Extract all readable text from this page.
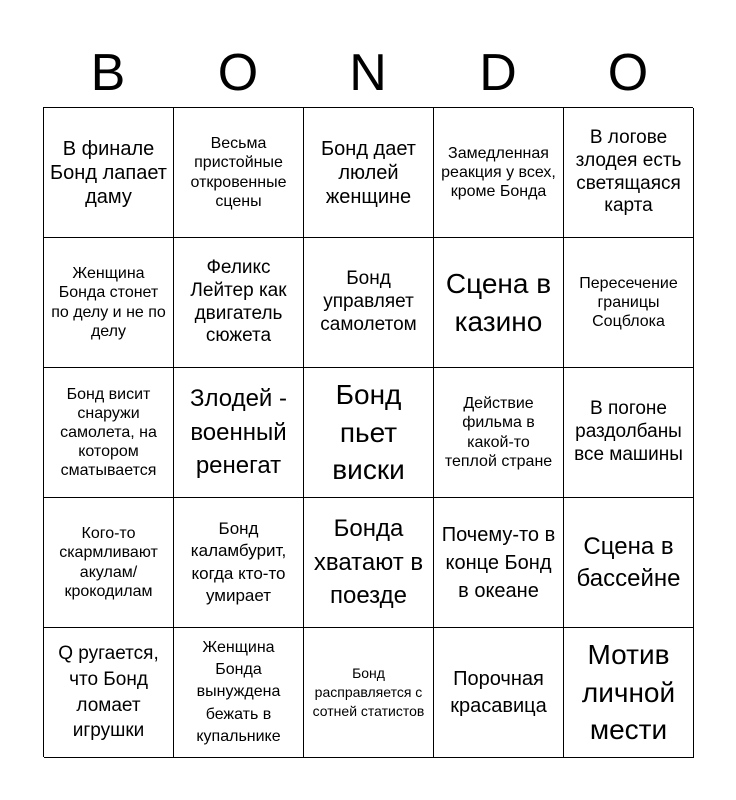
B	O	N	D	O
В финале Бонд лапает даму
Весьма пристойные откровенные сцены
Бонд дает люлей женщине
Замедленная реакция у всех, кроме Бонда
В логове злодея есть светящаяся карта
Женщина Бонда стонет по делу и не по делу
Феликс Лейтер как двигатель сюжета
Бонд управляет самолетом
Сцена в казино
Пересечение границы Соцблока
Бонд висит снаружи самолета, на котором сматывается
Злодей - военный ренегат
Бонд пьет виски
Действие фильма в какой-то теплой стране
В погоне раздолбаны все машины
Кого-то скармливают акулам/ крокодилам
Бонд каламбурит, когда кто-то умирает
Бонда хватают в поезде
Почему-то в конце Бонд в океане
Сцена в бассейне
Q ругается, что Бонд ломает игрушки
Женщина Бонда вынуждена бежать в купальнике
Бонд расправляется с сотней статистов
Порочная красавица
Мотив личной мести
